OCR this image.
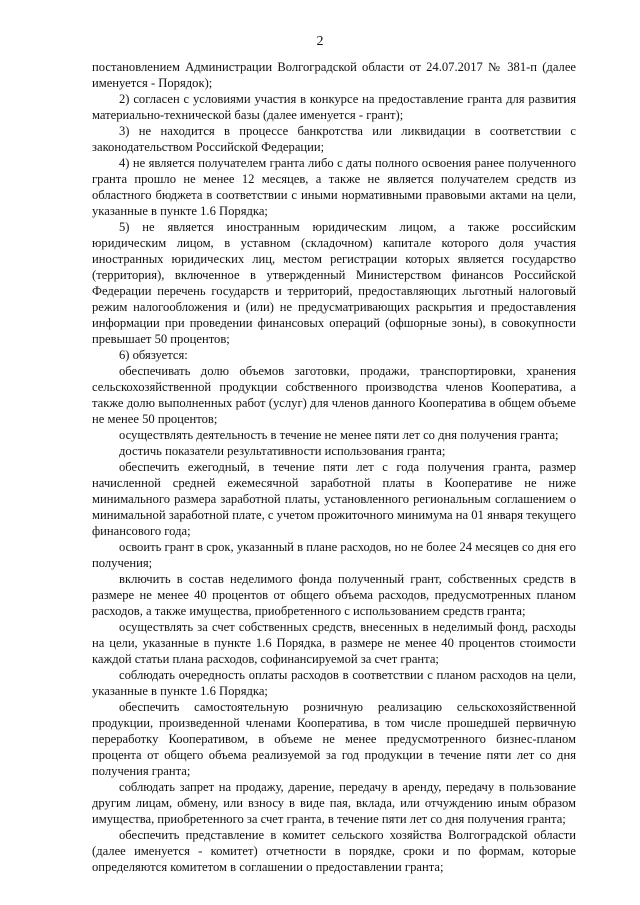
2

постановлением Администрации Волгоградской области от 24.07.2017 № 381-п (далее именуется - Порядок);

2) согласен с условиями участия в конкурсе на предоставление гранта для развития материально-технической базы (далее именуется - грант);

3) не находится в процессе банкротства или ликвидации в соответствии с законодательством Российской Федерации;

4) не является получателем гранта либо с даты полного освоения ранее полученного гранта прошло не менее 12 месяцев, а также не является получателем средств из областного бюджета в соответствии с иными нормативными правовыми актами на цели, указанные в пункте 1.6 Порядка;

5) не является иностранным юридическим лицом, а также российским юридическим лицом, в уставном (складочном) капитале которого доля участия иностранных юридических лиц, местом регистрации которых является государство (территория), включенное в утвержденный Министерством финансов Российской Федерации перечень государств и территорий, предоставляющих льготный налоговый режим налогообложения и (или) не предусматривающих раскрытия и предоставления информации при проведении финансовых операций (офшорные зоны), в совокупности превышает 50 процентов;

6) обязуется:

обеспечивать долю объемов заготовки, продажи, транспортировки, хранения сельскохозяйственной продукции собственного производства членов Кооператива, а также долю выполненных работ (услуг) для членов данного Кооператива в общем объеме не менее 50 процентов;

осуществлять деятельность в течение не менее пяти лет со дня получения гранта;

достичь показатели результативности использования гранта;

обеспечить ежегодный, в течение пяти лет с года получения гранта, размер начисленной средней ежемесячной заработной платы в Кооперативе не ниже минимального размера заработной платы, установленного региональным соглашением о минимальной заработной плате, с учетом прожиточного минимума на 01 января текущего финансового года;

освоить грант в срок, указанный в плане расходов, но не более 24 месяцев со дня его получения;

включить в состав неделимого фонда полученный грант, собственных средств в размере не менее 40 процентов от общего объема расходов, предусмотренных планом расходов, а также имущества, приобретенного с использованием средств гранта;

осуществлять за счет собственных средств, внесенных в неделимый фонд, расходы на цели, указанные в пункте 1.6 Порядка, в размере не менее 40 процентов стоимости каждой статьи плана расходов, софинансируемой за счет гранта;

соблюдать очередность оплаты расходов в соответствии с планом расходов на цели, указанные в пункте 1.6 Порядка;

обеспечить самостоятельную розничную реализацию сельскохозяйственной продукции, произведенной членами Кооператива, в том числе прошедшей первичную переработку Кооперативом, в объеме не менее предусмотренного бизнес-планом процента от общего объема реализуемой за год продукции в течение пяти лет со дня получения гранта;

соблюдать запрет на продажу, дарение, передачу в аренду, передачу в пользование другим лицам, обмену, или взносу в виде пая, вклада, или отчуждению иным образом имущества, приобретенного за счет гранта, в течение пяти лет со дня получения гранта;

обеспечить представление в комитет сельского хозяйства Волгоградской области (далее именуется - комитет) отчетности в порядке, сроки и по формам, которые определяются комитетом в соглашении о предоставлении гранта;
